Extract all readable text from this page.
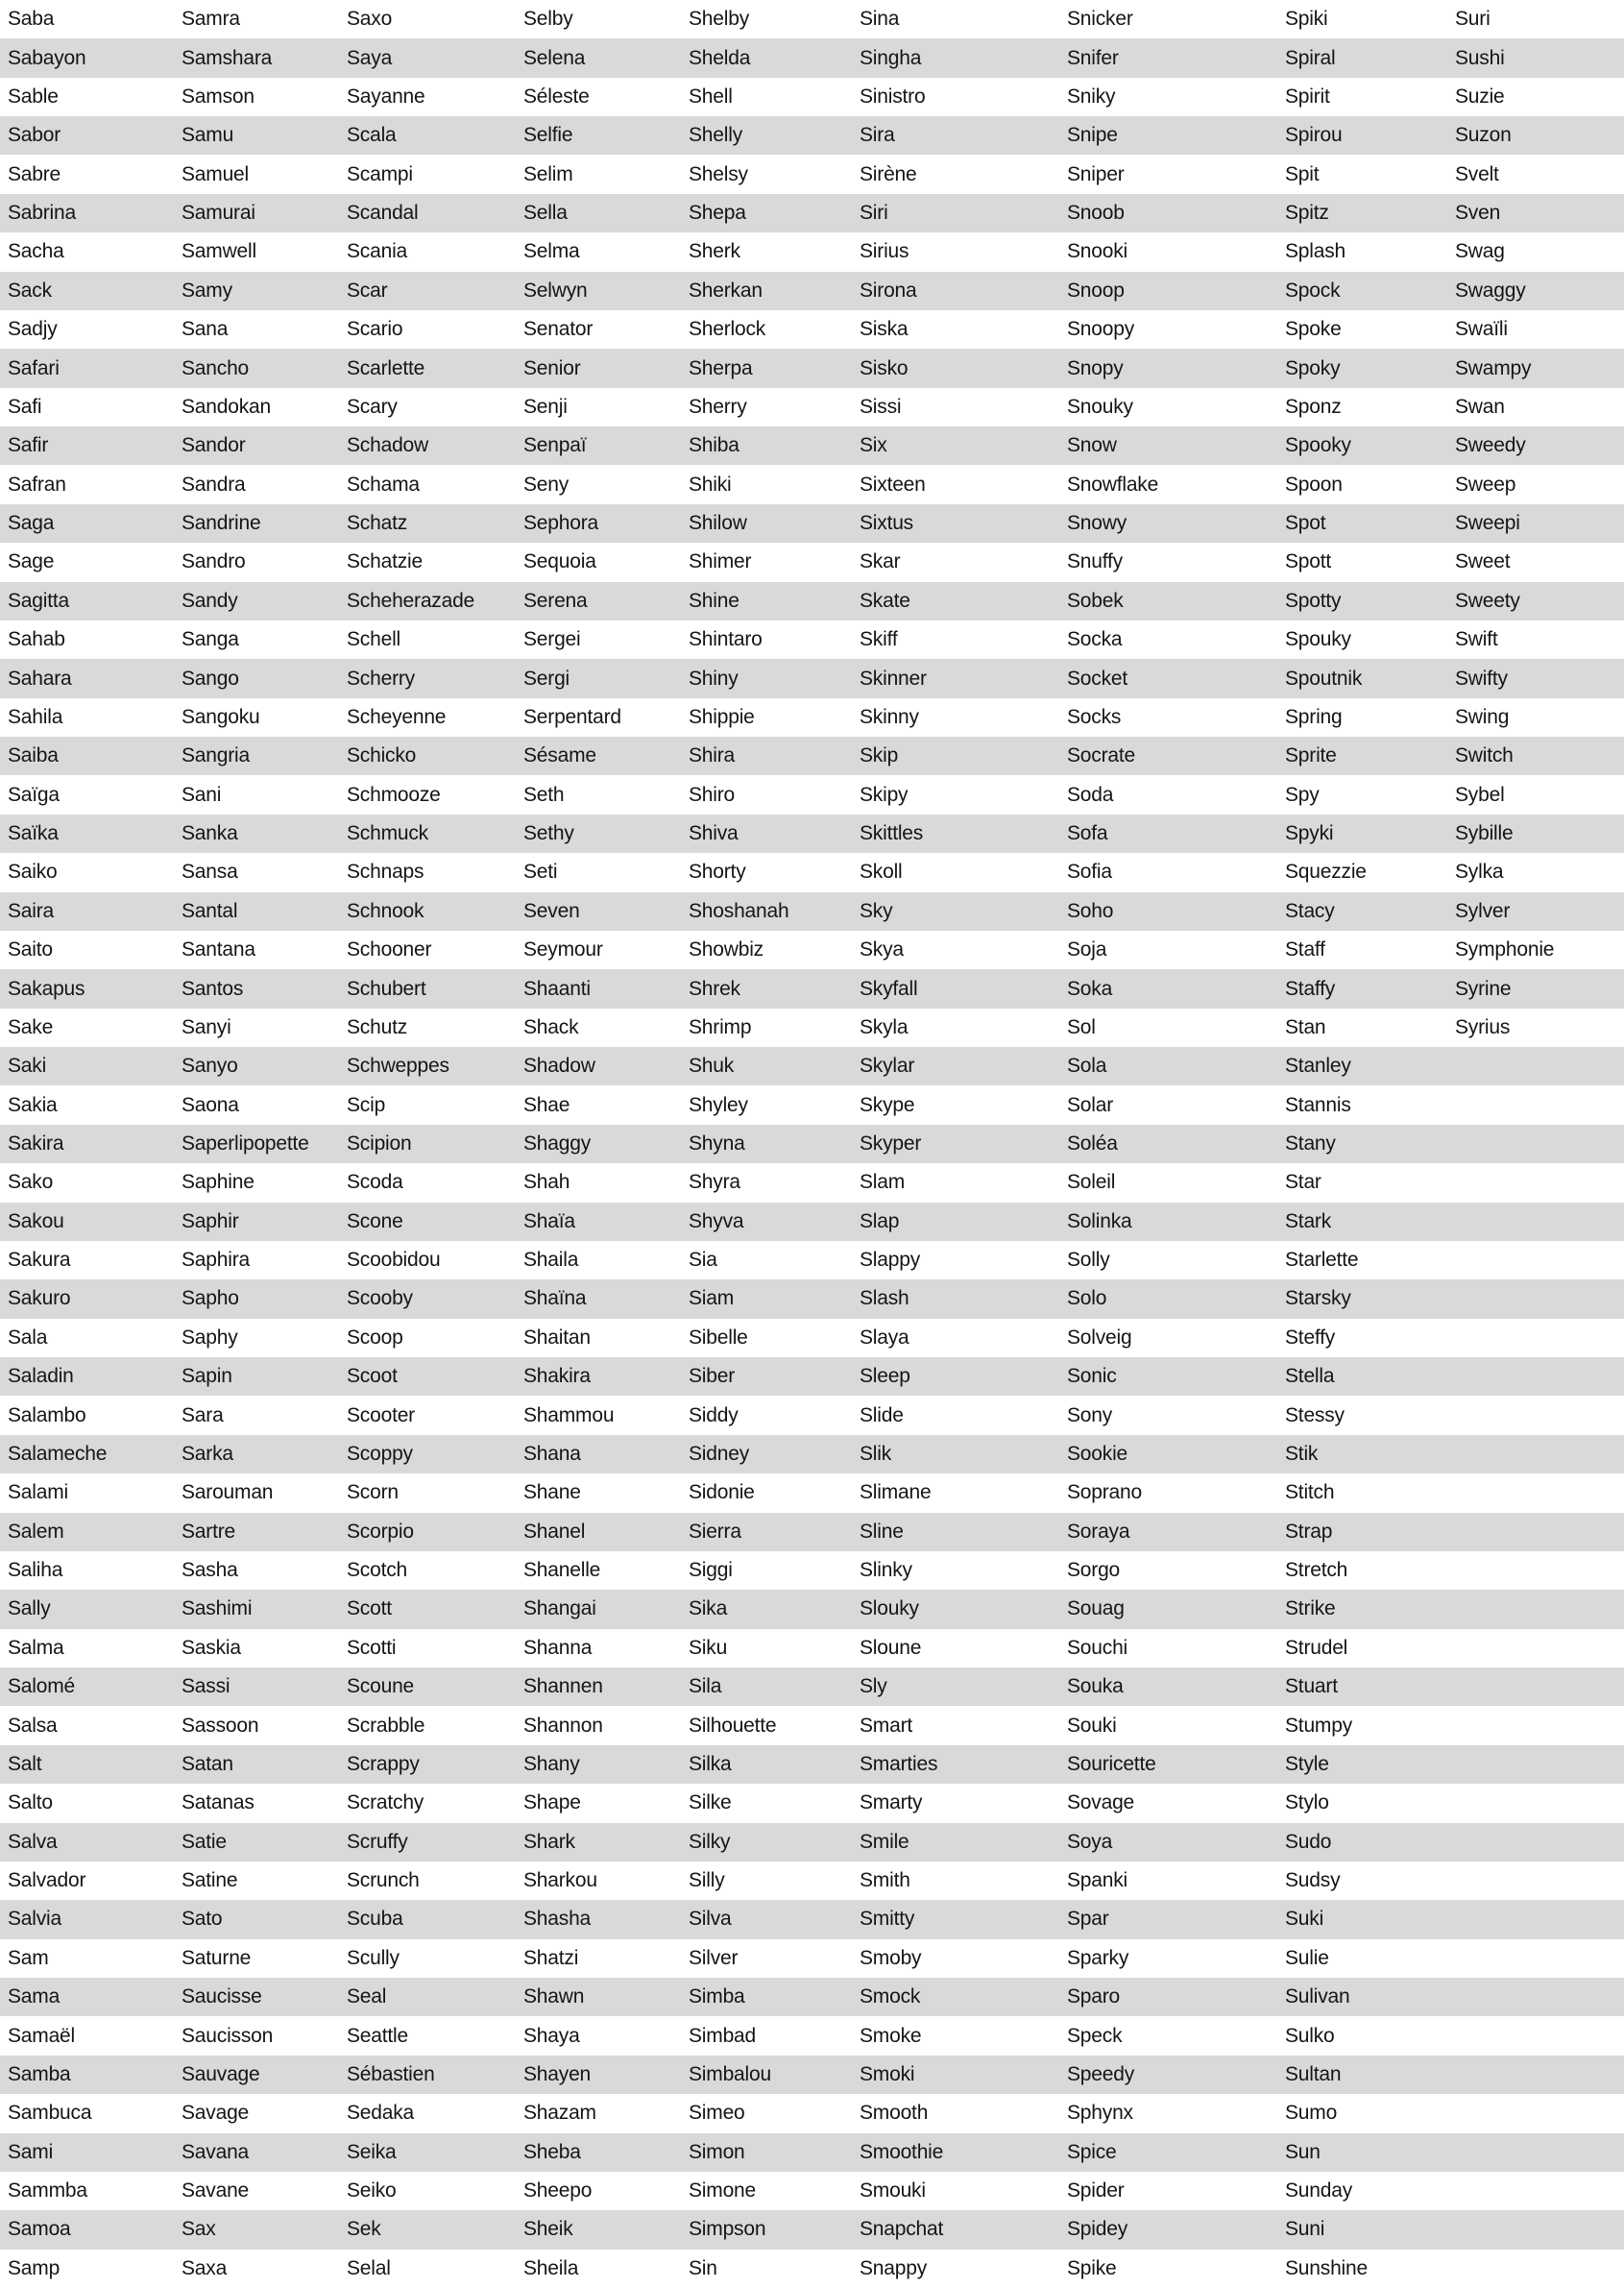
Saba	Samra	Saxo	Selby	Shelby	Sina	Snicker	Spiki	Suri
Sabayon	Samshara	Saya	Selena	Shelda	Singha	Snifer	Spiral	Sushi
Sable	Samson	Sayanne	Séleste	Shell	Sinistro	Sniky	Spirit	Suzie
Sabor	Samu	Scala	Selfie	Shelly	Sira	Snipe	Spirou	Suzon
Sabre	Samuel	Scampi	Selim	Shelsy	Sirène	Sniper	Spit	Svelt
Sabrina	Samurai	Scandal	Sella	Shepa	Siri	Snoob	Spitz	Sven
Sacha	Samwell	Scania	Selma	Sherk	Sirius	Snooki	Splash	Swag
Sack	Samy	Scar	Selwyn	Sherkan	Sirona	Snoop	Spock	Swaggy
Sadjy	Sana	Scario	Senator	Sherlock	Siska	Snoopy	Spoke	Swaïli
Safari	Sancho	Scarlette	Senior	Sherpa	Sisko	Snopy	Spoky	Swampy
Safi	Sandokan	Scary	Senji	Sherry	Sissi	Snouky	Sponz	Swan
Safir	Sandor	Schadow	Senpaï	Shiba	Six	Snow	Spooky	Sweedy
Safran	Sandra	Schama	Seny	Shiki	Sixteen	Snowflake	Spoon	Sweep
Saga	Sandrine	Schatz	Sephora	Shilow	Sixtus	Snowy	Spot	Sweepi
Sage	Sandro	Schatzie	Sequoia	Shimer	Skar	Snuffy	Spott	Sweet
Sagitta	Sandy	Scheherazade	Serena	Shine	Skate	Sobek	Spotty	Sweety
Sahab	Sanga	Schell	Sergei	Shintaro	Skiff	Socka	Spouky	Swift
Sahara	Sango	Scherry	Sergi	Shiny	Skinner	Socket	Spoutnik	Swifty
Sahila	Sangoku	Scheyenne	Serpentard	Shippie	Skinny	Socks	Spring	Swing
Saiba	Sangria	Schicko	Sésame	Shira	Skip	Socrate	Sprite	Switch
Saïga	Sani	Schmooze	Seth	Shiro	Skipy	Soda	Spy	Sybel
Saïka	Sanka	Schmuck	Sethy	Shiva	Skittles	Sofa	Spyki	Sybille
Saiko	Sansa	Schnaps	Seti	Shorty	Skoll	Sofia	Squezzie	Sylka
Saira	Santal	Schnook	Seven	Shoshanah	Sky	Soho	Stacy	Sylver
Saito	Santana	Schooner	Seymour	Showbiz	Skya	Soja	Staff	Symphonie
Sakapus	Santos	Schubert	Shaanti	Shrek	Skyfall	Soka	Staffy	Syrine
Sake	Sanyi	Schutz	Shack	Shrimp	Skyla	Sol	Stan	Syrius
Saki	Sanyo	Schweppes	Shadow	Shuk	Skylar	Sola	Stanley
Sakia	Saona	Scip	Shae	Shyley	Skype	Solar	Stannis
Sakira	Saperlipopette	Scipion	Shaggy	Shyna	Skyper	Soléa	Stany
Sako	Saphine	Scoda	Shah	Shyra	Slam	Soleil	Star
Sakou	Saphir	Scone	Shaïa	Shyva	Slap	Solinka	Stark
Sakura	Saphira	Scoobidou	Shaila	Sia	Slappy	Solly	Starlette
Sakuro	Sapho	Scooby	Shaïna	Siam	Slash	Solo	Starsky
Sala	Saphy	Scoop	Shaitan	Sibelle	Slaya	Solveig	Steffy
Saladin	Sapin	Scoot	Shakira	Siber	Sleep	Sonic	Stella
Salambo	Sara	Scooter	Shammou	Siddy	Slide	Sony	Stessy
Salameche	Sarka	Scoppy	Shana	Sidney	Slik	Sookie	Stik
Salami	Sarouman	Scorn	Shane	Sidonie	Slimane	Soprano	Stitch
Salem	Sartre	Scorpio	Shanel	Sierra	Sline	Soraya	Strap
Saliha	Sasha	Scotch	Shanelle	Siggi	Slinky	Sorgo	Stretch
Sally	Sashimi	Scott	Shangai	Sika	Slouky	Souag	Strike
Salma	Saskia	Scotti	Shanna	Siku	Sloune	Souchi	Strudel
Salomé	Sassi	Scoune	Shannen	Sila	Sly	Souka	Stuart
Salsa	Sassoon	Scrabble	Shannon	Silhouette	Smart	Souki	Stumpy
Salt	Satan	Scrappy	Shany	Silka	Smarties	Souricette	Style
Salto	Satanas	Scratchy	Shape	Silke	Smarty	Sovage	Stylo
Salva	Satie	Scruffy	Shark	Silky	Smile	Soya	Sudo
Salvador	Satine	Scrunch	Sharkou	Silly	Smith	Spanki	Sudsy
Salvia	Sato	Scuba	Shasha	Silva	Smitty	Spar	Suki
Sam	Saturne	Scully	Shatzi	Silver	Smoby	Sparky	Sulie
Sama	Saucisse	Seal	Shawn	Simba	Smock	Sparo	Sulivan
Samaël	Saucisson	Seattle	Shaya	Simbad	Smoke	Speck	Sulko
Samba	Sauvage	Sébastien	Shayen	Simbalou	Smoki	Speedy	Sultan
Sambuca	Savage	Sedaka	Shazam	Simeo	Smooth	Sphynx	Sumo
Sami	Savana	Seika	Sheba	Simon	Smoothie	Spice	Sun
Sammba	Savane	Seiko	Sheepo	Simone	Smouki	Spider	Sunday
Samoa	Sax	Sek	Sheik	Simpson	Snapchat	Spidey	Suni
Samp	Saxa	Selal	Sheila	Sin	Snappy	Spike	Sunshine
